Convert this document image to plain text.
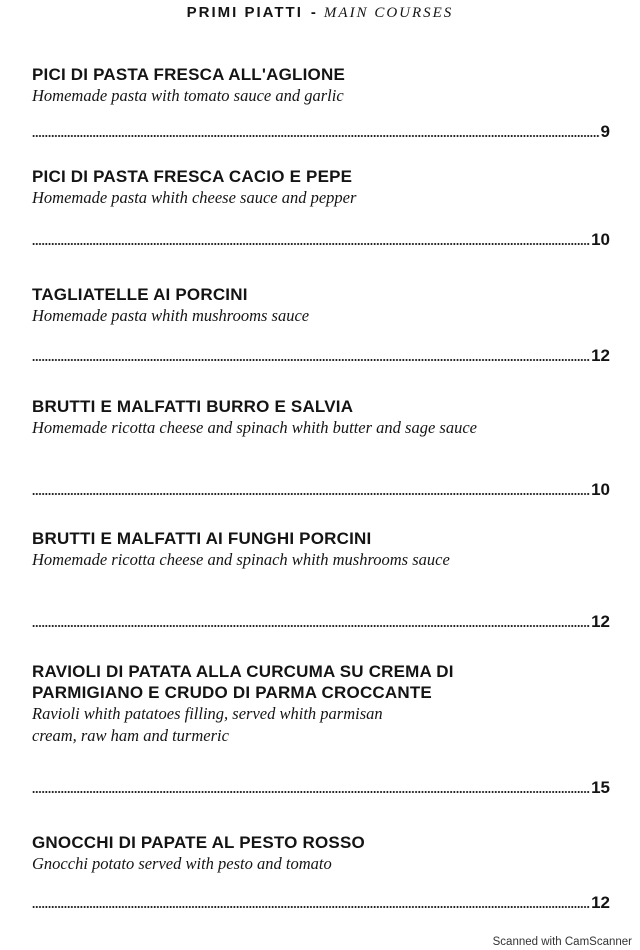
PRIMI PIATTI - MAIN COURSES
PICI DI PASTA FRESCA ALL'AGLIONE
Homemade pasta with tomato sauce and garlic
9
PICI DI PASTA FRESCA CACIO E PEPE
Homemade pasta whith cheese sauce and pepper
10
TAGLIATELLE AI PORCINI
Homemade pasta whith mushrooms sauce
12
BRUTTI E MALFATTI BURRO E SALVIA
Homemade ricotta cheese and spinach whith butter and sage sauce
10
BRUTTI E MALFATTI AI FUNGHI PORCINI
Homemade ricotta cheese and spinach whith mushrooms sauce
12
RAVIOLI DI PATATA ALLA CURCUMA SU CREMA DI
PARMIGIANO E CRUDO DI PARMA CROCCANTE
Ravioli whith patatoes filling, served whith parmisan
cream, raw ham and turmeric
15
GNOCCHI DI PAPATE AL PESTO ROSSO
Gnocchi potato served with pesto and tomato
12
Scanned with CamScanner
